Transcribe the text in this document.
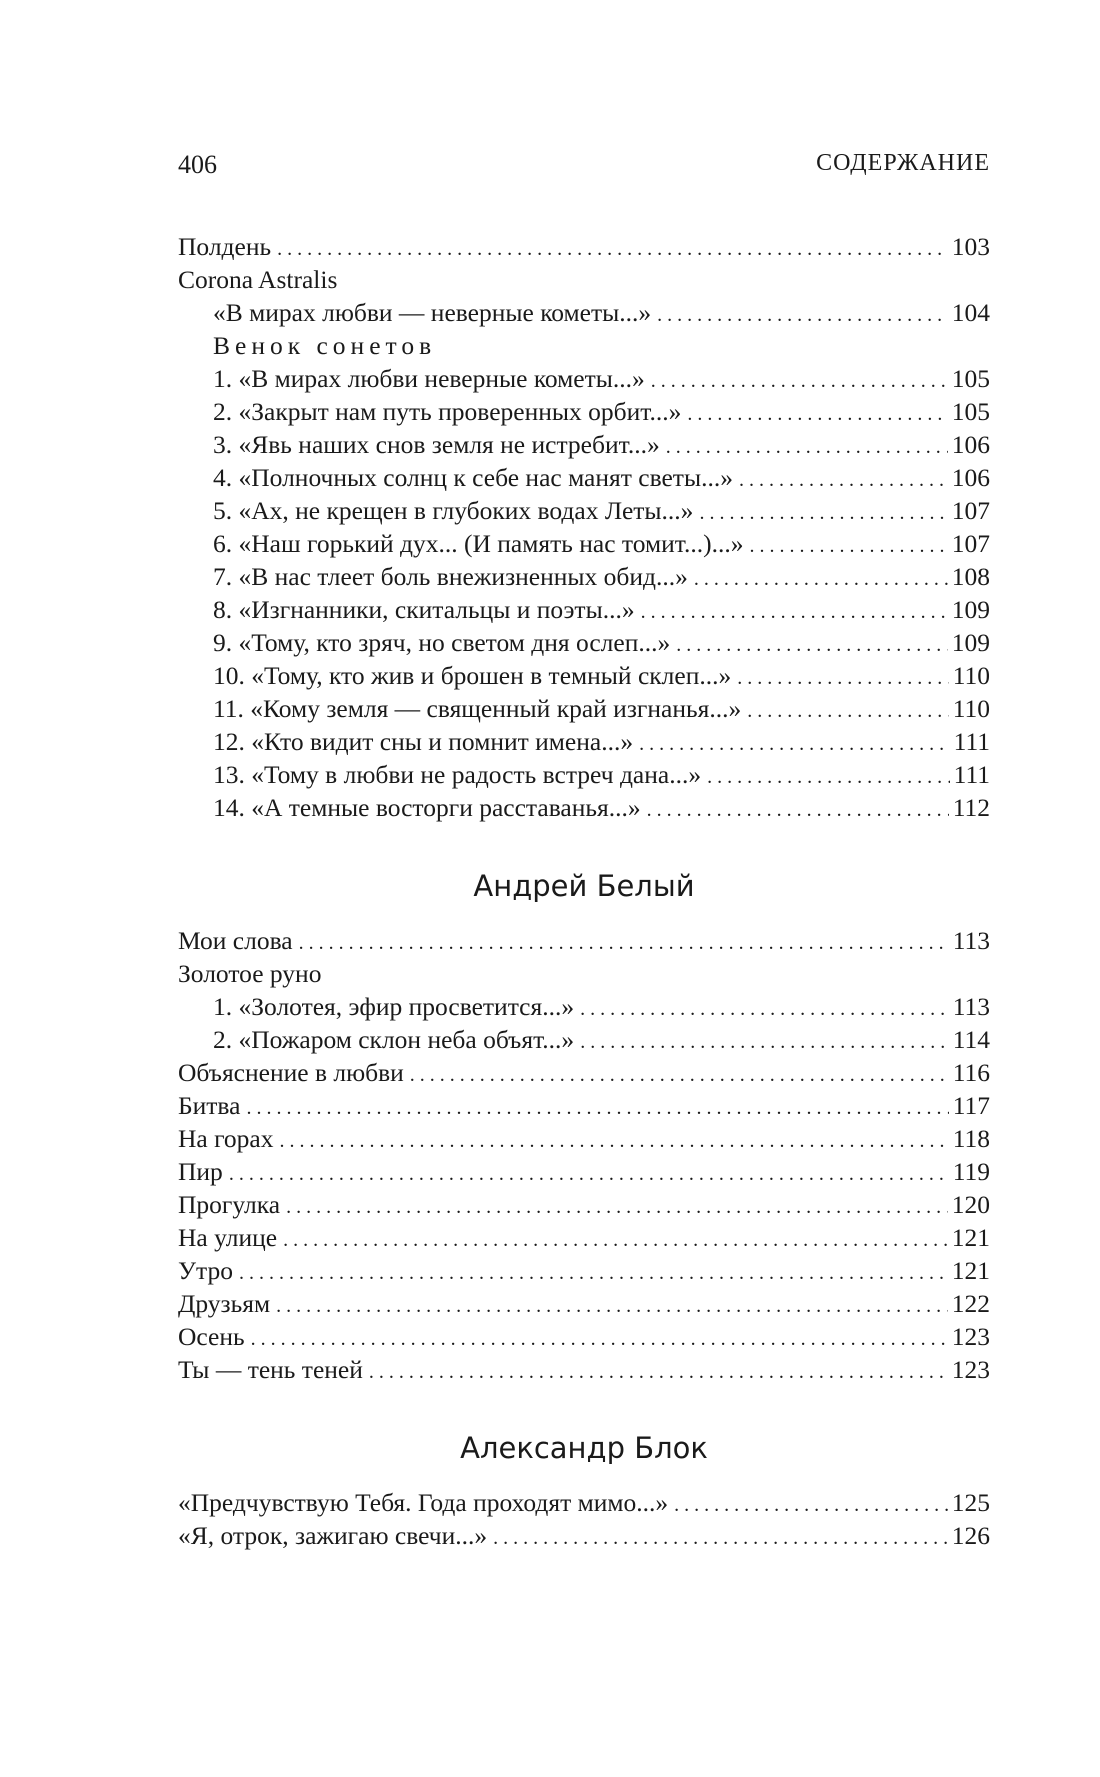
406	СОДЕРЖАНИЕ
Полдень . . .	103
Corona Astralis
«В мирах любви — неверные кометы...» . . .	104
Венок сонетов
1. «В мирах любви неверные кометы...» . . .	105
2. «Закрыт нам путь проверенных орбит...» . . .	105
3. «Явь наших снов земля не истребит...» . . .	106
4. «Полночных солнц к себе нас манят светы...» . . .	106
5. «Ах, не крещен в глубоких водах Леты...» . . .	107
6. «Наш горький дух... (И память нас томит...)...» . . .	107
7. «В нас тлеет боль внежизненных обид...» . . .	108
8. «Изгнанники, скитальцы и поэты...» . . .	109
9. «Тому, кто зряч, но светом дня ослеп...» . . .	109
10. «Тому, кто жив и брошен в темный склеп...» . . .	110
11. «Кому земля — священный край изгнанья...» . . .	110
12. «Кто видит сны и помнит имена...» . . .	111
13. «Тому в любви не радость встреч дана...» . . .	111
14. «А темные восторги расставанья...» . . .	112
Андрей Белый
Мои слова . . .	113
Золотое руно
1. «Золотея, эфир просветится...» . . .	113
2. «Пожаром склон неба объят...» . . .	114
Объяснение в любви . . .	116
Битва . . .	117
На горах . . .	118
Пир . . .	119
Прогулка . . .	120
На улице . . .	121
Утро . . .	121
Друзьям . . .	122
Осень . . .	123
Ты — тень теней . . .	123
Александр Блок
«Предчувствую Тебя. Года проходят мимо...» . . .	125
«Я, отрок, зажигаю свечи...» . . .	126
